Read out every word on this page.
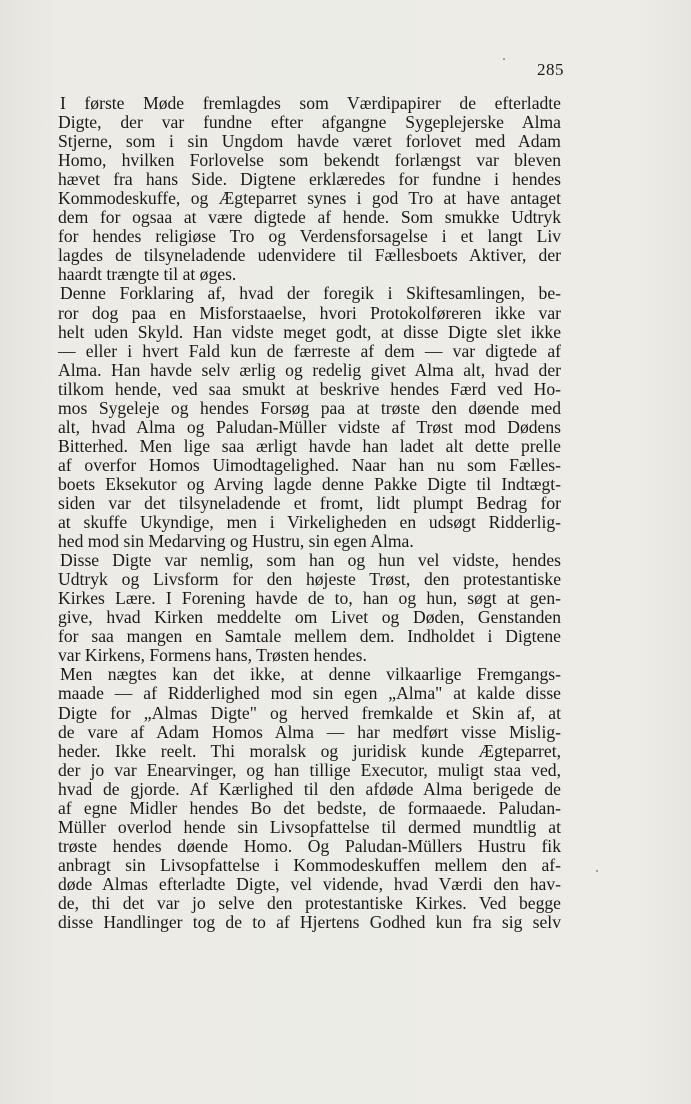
285
I første Møde fremlagdes som Værdipapirer de efterladte
Digte, der var fundne efter afgangne Sygeplejerske Alma
Stjerne, som i sin Ungdom havde været forlovet med Adam
Homo, hvilken Forlovelse som bekendt forlængst var bleven
hævet fra hans Side. Digtene erklæredes for fundne i hendes
Kommodeskuffe, og Ægteparret synes i god Tro at have antaget
dem for ogsaa at være digtede af hende. Som smukke Udtryk
for hendes religiøse Tro og Verdensforsagelse i et langt Liv
lagdes de tilsyneladende udenvidere til Fællesboets Aktiver, der
haardt trængte til at øges.
Denne Forklaring af, hvad der foregik i Skiftesamlingen, be-
ror dog paa en Misforstaaelse, hvori Protokolføreren ikke var
helt uden Skyld. Han vidste meget godt, at disse Digte slet ikke
— eller i hvert Fald kun de færreste af dem — var digtede af
Alma. Han havde selv ærlig og redelig givet Alma alt, hvad der
tilkom hende, ved saa smukt at beskrive hendes Færd ved Ho-
mos Sygeleje og hendes Forsøg paa at trøste den døende med
alt, hvad Alma og Paludan-Müller vidste af Trøst mod Dødens
Bitterhed. Men lige saa ærligt havde han ladet alt dette prelle
af overfor Homos Uimodtagelighed. Naar han nu som Fælles-
boets Eksekutor og Arving lagde denne Pakke Digte til Indtægt-
siden var det tilsyneladende et fromt, lidt plumpt Bedrag for
at skuffe Ukyndige, men i Virkeligheden en udsøgt Ridderlig-
hed mod sin Medarving og Hustru, sin egen Alma.
Disse Digte var nemlig, som han og hun vel vidste, hendes
Udtryk og Livsform for den højeste Trøst, den protestantiske
Kirkes Lære. I Forening havde de to, han og hun, søgt at gen-
give, hvad Kirken meddelte om Livet og Døden, Genstanden
for saa mangen en Samtale mellem dem. Indholdet i Digtene
var Kirkens, Formens hans, Trøsten hendes.
Men nægtes kan det ikke, at denne vilkaarlige Fremgangs-
maade — af Ridderlighed mod sin egen „Alma" at kalde disse
Digte for „Almas Digte" og herved fremkalde et Skin af, at
de vare af Adam Homos Alma — har medført visse Mislig-
heder. Ikke reelt. Thi moralsk og juridisk kunde Ægteparret,
der jo var Enearvinger, og han tillige Executor, muligt staa ved,
hvad de gjorde. Af Kærlighed til den afdøde Alma berigede de
af egne Midler hendes Bo det bedste, de formaaede. Paludan-
Müller overlod hende sin Livsopfattelse til dermed mundtlig at
trøste hendes døende Homo. Og Paludan-Müllers Hustru fik
anbragt sin Livsopfattelse i Kommodeskuffen mellem den af-
døde Almas efterladte Digte, vel vidende, hvad Værdi den hav-
de, thi det var jo selve den protestantiske Kirkes. Ved begge
disse Handlinger tog de to af Hjertens Godhed kun fra sig selv
